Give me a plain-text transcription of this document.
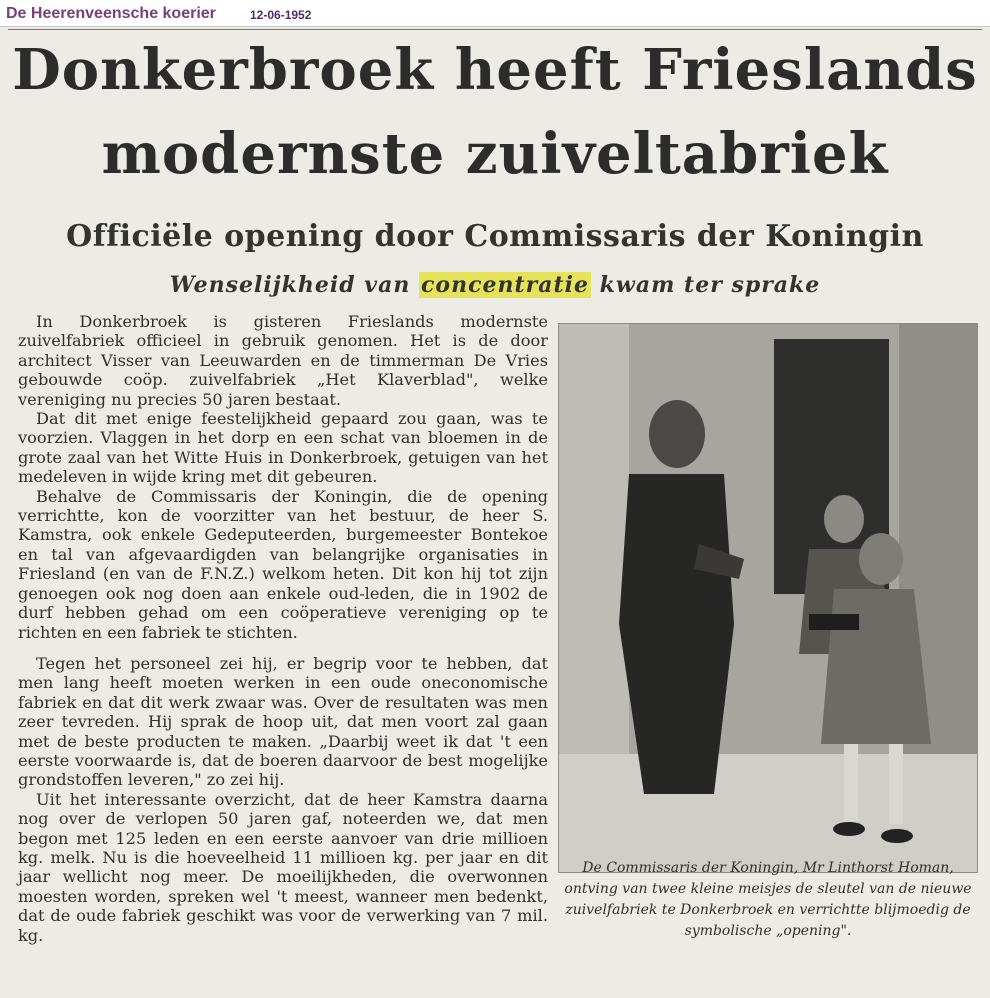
De Heerenveensche koerier	12-06-1952
Donkerbroek heeft Frieslands
modernste zuiveltabriek
Officiële opening door Commissaris der Koningin
Wenselijkheid van concentratie kwam ter sprake

In Donkerbroek is gisteren Frieslands modernste zuivelfabriek officieel in gebruik genomen. Het is de door architect Visser van Leeuwarden en de timmerman De Vries gebouwde coöp. zuivelfabriek „Het Klaverblad", welke vereniging nu precies 50 jaren bestaat.

Dat dit met enige feestelijkheid gepaard zou gaan, was te voorzien. Vlaggen in het dorp en een schat van bloemen in de grote zaal van het Witte Huis in Donkerbroek, getuigen van het medeleven in wijde kring met dit gebeuren.

Behalve de Commissaris der Koningin, die de opening verrichtte, kon de voorzitter van het bestuur, de heer S. Kamstra, ook enkele Gedeputeerden, burgemeester Bontekoe en tal van afgevaardigden van belangrijke organisaties in Friesland (en van de F.N.Z.) welkom heten. Dit kon hij tot zijn genoegen ook nog doen aan enkele oud-leden, die in 1902 de durf hebben gehad om een coöperatieve vereniging op te richten en een fabriek te stichten.

Tegen het personeel zei hij, er begrip voor te hebben, dat men lang heeft moeten werken in een oude oneconomische fabriek en dat dit werk zwaar was. Over de resultaten was men zeer tevreden. Hij sprak de hoop uit, dat men voort zal gaan met de beste producten te maken. „Daarbij weet ik dat 't een eerste voorwaarde is, dat de boeren daarvoor de best mogelijke grondstoffen leveren," zo zei hij.

Uit het interessante overzicht, dat de heer Kamstra daarna nog over de verlopen 50 jaren gaf, noteerden we, dat men begon met 125 leden en een eerste aanvoer van drie millioen kg. melk. Nu is die hoeveelheid 11 millioen kg. per jaar en dit jaar wellicht nog meer. De moeilijkheden, die overwonnen moesten worden, spreken wel 't meest, wanneer men bedenkt, dat de oude fabriek geschikt was voor de verwerking van 7 mil. kg.

De Commissaris der Koningin, Mr Linthorst Homan, ontving van twee kleine meisjes de sleutel van de nieuwe zuivelfabriek te Donkerbroek en verrichtte blijmoedig de symbolische „opening".
